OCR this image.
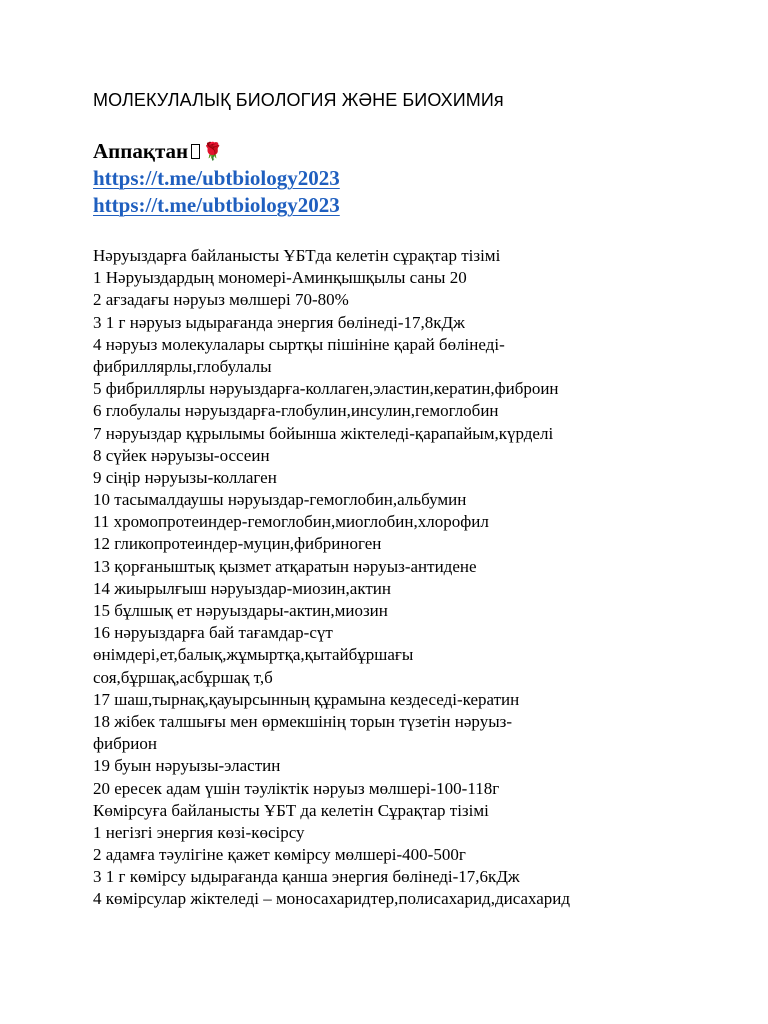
МОЛЕКУЛАЛЫҚ БИОЛОГИЯ ЖӘНЕ БИОХИМИя
Аппақтан 🌹
https://t.me/ubtbiology2023
https://t.me/ubtbiology2023
Нәруыздарға байланысты ҰБТда келетін сұрақтар тізімі
1 Нәруыздардың мономері-Аминқышқылы саны 20
2 ағзадағы нәруыз мөлшері 70-80%
3 1 г нәруыз ыдырағанда энергия бөлінеді-17,8кДж
4 нәруыз молекулалары сыртқы пішініне қарай бөлінеді-
фибриллярлы,глобулалы
5 фибриллярлы нәруыздарға-коллаген,эластин,кератин,фиброин
6 глобулалы нәруыздарға-глобулин,инсулин,гемоглобин
7 нәруыздар құрылымы бойынша жіктеледі-қарапайым,күрделі
8 сүйек нәруызы-оссеин
9 сіңір нәруызы-коллаген
10 тасымалдаушы нәруыздар-гемоглобин,альбумин
11 хромопротеиндер-гемоглобин,миоглобин,хлорофил
12 гликопротеиндер-муцин,фибриноген
13 қорғаныштық қызмет атқаратын нәруыз-антидене
14 жиырылғыш нәруыздар-миозин,актин
15 бұлшық ет нәруыздары-актин,миозин
16 нәруыздарға бай тағамдар-сүт
өнімдері,ет,балық,жұмыртқа,қытайбұршағы
соя,бұршақ,асбұршақ т,б
17 шаш,тырнақ,қауырсынның құрамына кездеседі-кератин
18 жібек талшығы мен өрмекшінің торын түзетін нәруыз-
фибрион
19 буын нәруызы-эластин
20 ересек адам үшін тәуліктік нәруыз мөлшері-100-118г
Көмірсуға байланысты ҰБТ да келетін Сұрақтар тізімі
1 негізгі энергия көзі-көсірсу
2 адамға тәулігіне қажет көмірсу мөлшері-400-500г
3 1 г көмірсу ыдырағанда қанша энергия бөлінеді-17,6кДж
4 көмірсулар жіктеледі – моносахаридтер,полисахарид,дисахарид
